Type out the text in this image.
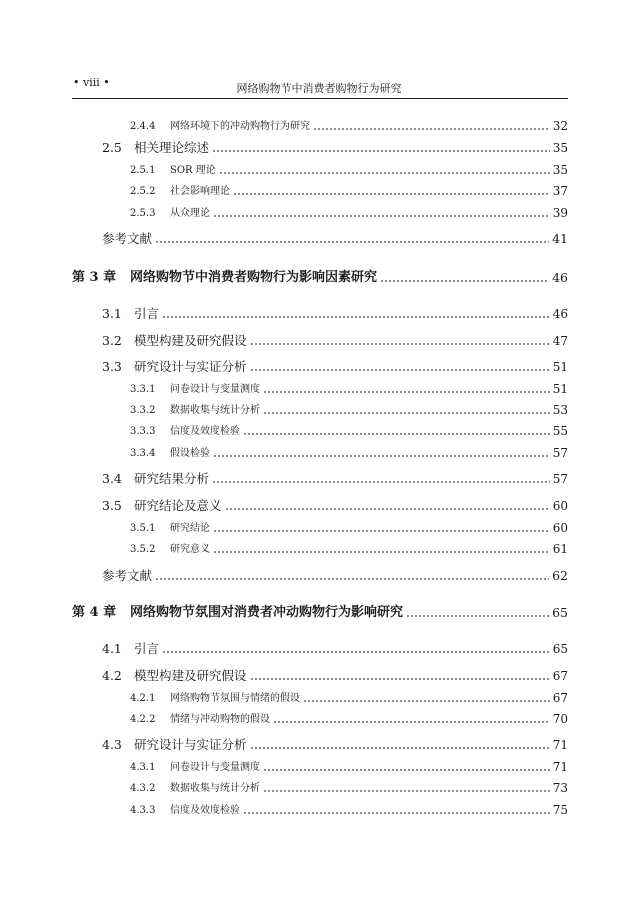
• viii •	网络购物节中消费者购物行为研究
2.4.4	网络环境下的冲动购物行为研究	32
2.5 相关理论综述	35
2.5.1	SOR 理论	35
2.5.2	社会影响理论	37
2.5.3	从众理论	39
参考文献	41
第 3 章	网络购物节中消费者购物行为影响因素研究	46
3.1 引言	46
3.2 模型构建及研究假设	47
3.3 研究设计与实证分析	51
3.3.1	问卷设计与变量测度	51
3.3.2	数据收集与统计分析	53
3.3.3	信度及效度检验	55
3.3.4	假设检验	57
3.4 研究结果分析	57
3.5 研究结论及意义	60
3.5.1	研究结论	60
3.5.2	研究意义	61
参考文献	62
第 4 章	网络购物节氛围对消费者冲动购物行为影响研究	65
4.1 引言	65
4.2 模型构建及研究假设	67
4.2.1	网络购物节氛围与情绪的假设	67
4.2.2	情绪与冲动购物的假设	70
4.3 研究设计与实证分析	71
4.3.1	问卷设计与变量测度	71
4.3.2	数据收集与统计分析	73
4.3.3	信度及效度检验	75
